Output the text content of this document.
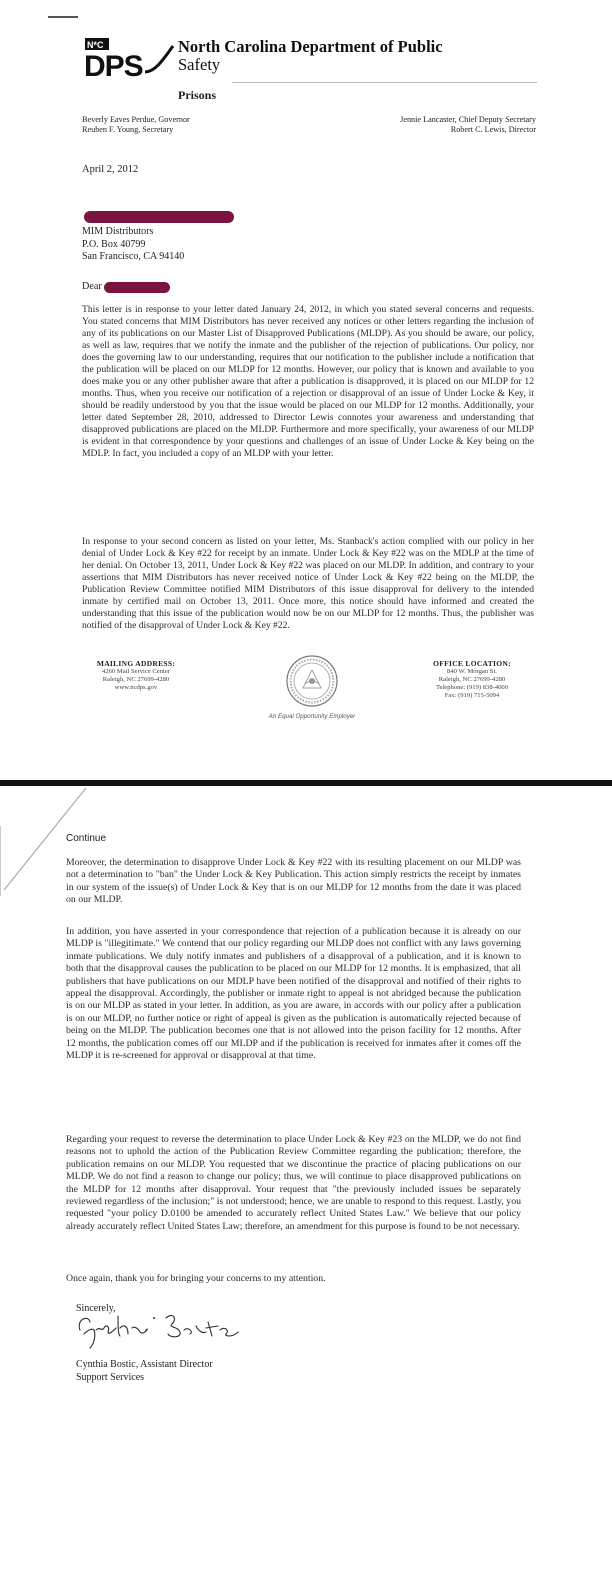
N*C
DPS
North Carolina Department of Public
Safety
Prisons
Beverly Eaves Perdue, Governor
Reuben F. Young, Secretary
Jennie Lancaster, Chief Deputy Secretary
Robert C. Lewis, Director
April 2, 2012
MIM Distributors
P.O. Box 40799
San Francisco, CA 94140
Dear
This letter is in response to your letter dated January 24, 2012, in which you stated several concerns and requests. You stated concerns that MIM Distributors has never received any notices or other letters regarding the inclusion of any of its publications on our Master List of Disapproved Publications (MLDP). As you should be aware, our policy, as well as law, requires that we notify the inmate and the publisher of the rejection of publications. Our policy, nor does the governing law to our understanding, requires that our notification to the publisher include a notification that the publication will be placed on our MLDP for 12 months. However, our policy that is known and available to you does make you or any other publisher aware that after a publication is disapproved, it is placed on our MLDP for 12 months. Thus, when you receive our notification of a rejection or disapproval of an issue of Under Locke & Key, it should be readily understood by you that the issue would be placed on our MLDP for 12 months. Additionally, your letter dated September 28, 2010, addressed to Director Lewis connotes your awareness and understanding that disapproved publications are placed on the MLDP. Furthermore and more specifically, your awareness of our MLDP is evident in that correspondence by your questions and challenges of an issue of Under Locke & Key being on the MDLP. In fact, you included a copy of an MLDP with your letter.
In response to your second concern as listed on your letter, Ms. Stanback's action complied with our policy in her denial of Under Lock & Key #22 for receipt by an inmate. Under Lock & Key #22 was on the MDLP at the time of her denial. On October 13, 2011, Under Lock & Key #22 was placed on our MLDP. In addition, and contrary to your assertions that MIM Distributors has never received notice of Under Lock & Key #22 being on the MLDP, the Publication Review Committee notified MIM Distributors of this issue disapproval for delivery to the intended inmate by certified mail on October 13, 2011. Once more, this notice should have informed and created the understanding that this issue of the publication would now be on our MLDP for 12 months. Thus, the publisher was notified of the disapproval of Under Lock & Key #22.
MAILING ADDRESS:
4260 Mail Service Center
Raleigh, NC 27699-4280
www.ncdps.gov
An Equal Opportunity Employer
OFFICE LOCATION:
840 W. Morgan St.
Raleigh, NC 27699-4280
Telephone: (919) 838-4000
Fax: (919) 715-5094
Continue
Moreover, the determination to disapprove Under Lock & Key #22 with its resulting placement on our MLDP was not a determination to "ban" the Under Lock & Key Publication. This action simply restricts the receipt by inmates in our system of the issue(s) of Under Lock & Key that is on our MLDP for 12 months from the date it was placed on our MLDP.
In addition, you have asserted in your correspondence that rejection of a publication because it is already on our MLDP is "illegitimate." We contend that our policy regarding our MLDP does not conflict with any laws governing inmate publications. We duly notify inmates and publishers of a disapproval of a publication, and it is known to both that the disapproval causes the publication to be placed on our MLDP for 12 months. It is emphasized, that all publishers that have publications on our MDLP have been notified of the disapproval and notified of their rights to appeal the disapproval. Accordingly, the publisher or inmate right to appeal is not abridged because the publication is on our MLDP as stated in your letter. In addition, as you are aware, in accords with our policy after a publication is on our MLDP, no further notice or right of appeal is given as the publication is automatically rejected because of being on the MLDP. The publication becomes one that is not allowed into the prison facility for 12 months. After 12 months, the publication comes off our MLDP and if the publication is received for inmates after it comes off the MLDP it is re-screened for approval or disapproval at that time.
Regarding your request to reverse the determination to place Under Lock & Key #23 on the MLDP, we do not find reasons not to uphold the action of the Publication Review Committee regarding the publication; therefore, the publication remains on our MLDP. You requested that we discontinue the practice of placing publications on our MLDP. We do not find a reason to change our policy; thus, we will continue to place disapproved publications on the MLDP for 12 months after disapproval. Your request that "the previously included issues be separately reviewed regardless of the inclusion;" is not understood; hence, we are unable to respond to this request. Lastly, you requested "your policy D.0100 be amended to accurately reflect United States Law." We believe that our policy already accurately reflect United States Law; therefore, an amendment for this purpose is found to be not necessary.
Once again, thank you for bringing your concerns to my attention.
Sincerely,
Cynthia Bostic, Assistant Director
Support Services
